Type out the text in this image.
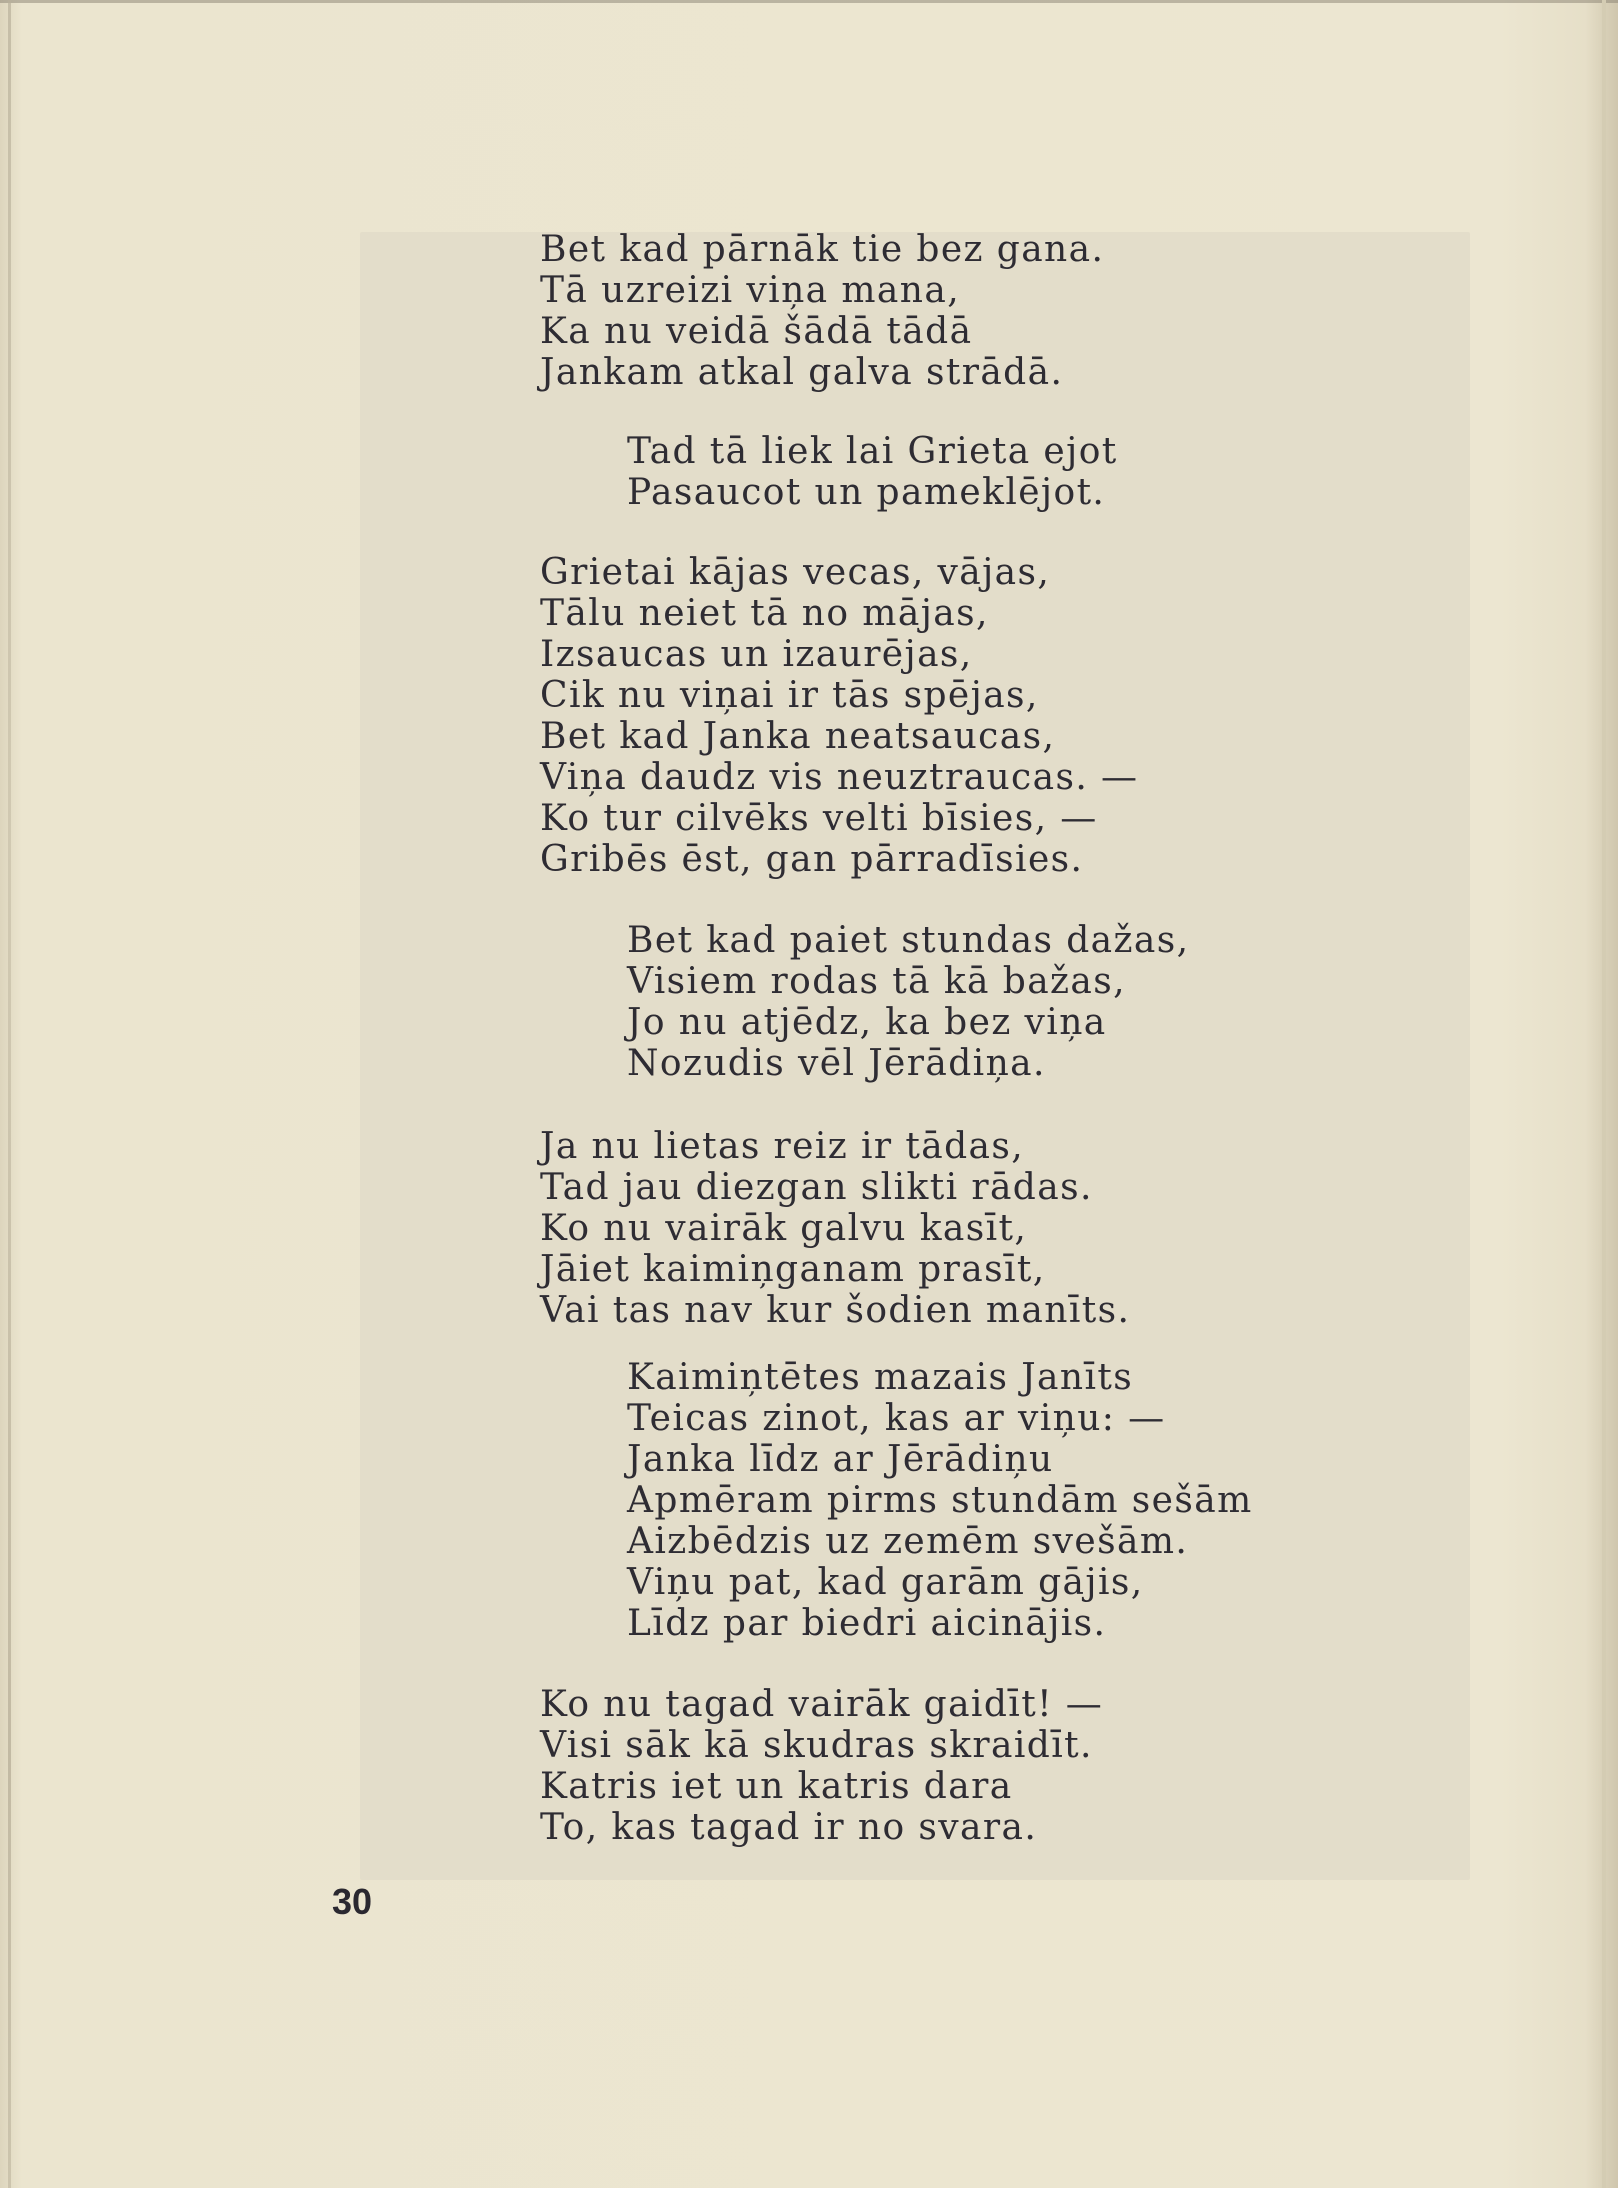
Bet kad pārnāk tie bez gana.
Tā uzreizi viņa mana,
Ka nu veidā šādā tādā
Jankam atkal galva strādā.
Tad tā liek lai Grieta ejot
Pasaucot un pameklējot.
Grietai kājas vecas, vājas,
Tālu neiet tā no mājas,
Izsaucas un izaurējas,
Cik nu viņai ir tās spējas,
Bet kad Janka neatsaucas,
Viņa daudz vis neuztraucas. —
Ko tur cilvēks velti bīsies, —
Gribēs ēst, gan pārradīsies.
Bet kad paiet stundas dažas,
Visiem rodas tā kā bažas,
Jo nu atjēdz, ka bez viņa
Nozudis vēl Jērādiņa.
Ja nu lietas reiz ir tādas,
Tad jau diezgan slikti rādas.
Ko nu vairāk galvu kasīt,
Jāiet kaimiņganam prasīt,
Vai tas nav kur šodien manīts.
Kaimiņtētes mazais Janīts
Teicas zinot, kas ar viņu: —
Janka līdz ar Jērādiņu
Apmēram pirms stundām sešām
Aizbēdzis uz zemēm svešām.
Viņu pat, kad garām gājis,
Līdz par biedri aicinājis.
Ko nu tagad vairāk gaidīt! —
Visi sāk kā skudras skraidīt.
Katris iet un katris dara
To, kas tagad ir no svara.
30
